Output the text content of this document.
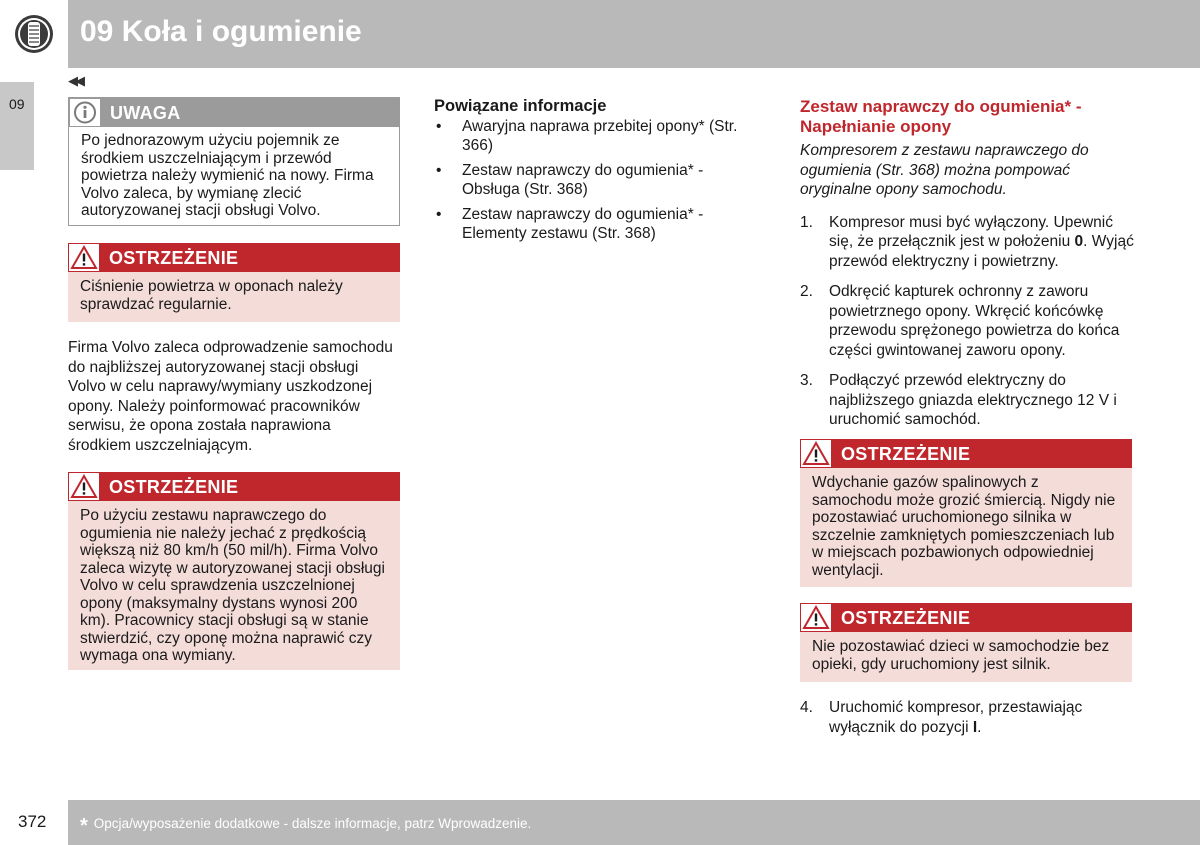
09 Koła i ogumienie
09
◀◀
UWAGA
Po jednorazowym użyciu pojemnik ze środkiem uszczelniającym i przewód powietrza należy wymienić na nowy. Firma Volvo zaleca, by wymianę zlecić autoryzowanej stacji obsługi Volvo.
OSTRZEŻENIE
Ciśnienie powietrza w oponach należy sprawdzać regularnie.
Firma Volvo zaleca odprowadzenie samochodu do najbliższej autoryzowanej stacji obsługi Volvo w celu naprawy/wymiany uszkodzonej opony. Należy poinformować pracowników serwisu, że opona została naprawiona środkiem uszczelniającym.
OSTRZEŻENIE
Po użyciu zestawu naprawczego do ogumienia nie należy jechać z prędkością większą niż 80 km/h (50 mil/h). Firma Volvo zaleca wizytę w autoryzowanej stacji obsługi Volvo w celu sprawdzenia uszczelnionej opony (maksymalny dystans wynosi 200 km). Pracownicy stacji obsługi są w stanie stwierdzić, czy oponę można naprawić czy wymaga ona wymiany.
Powiązane informacje
• Awaryjna naprawa przebitej opony* (Str. 366)
• Zestaw naprawczy do ogumienia* - Obsługa (Str. 368)
• Zestaw naprawczy do ogumienia* - Elementy zestawu (Str. 368)
Zestaw naprawczy do ogumienia* - Napełnianie opony
Kompresorem z zestawu naprawczego do ogumienia (Str. 368) można pompować oryginalne opony samochodu.
1. Kompresor musi być wyłączony. Upewnić się, że przełącznik jest w położeniu 0. Wyjąć przewód elektryczny i powietrzny.
2. Odkręcić kapturek ochronny z zaworu powietrznego opony. Wkręcić końcówkę przewodu sprężonego powietrza do końca części gwintowanej zaworu opony.
3. Podłączyć przewód elektryczny do najbliższego gniazda elektrycznego 12 V i uruchomić samochód.
OSTRZEŻENIE
Wdychanie gazów spalinowych z samochodu może grozić śmiercią. Nigdy nie pozostawiać uruchomionego silnika w szczelnie zamkniętych pomieszczeniach lub w miejscach pozbawionych odpowiedniej wentylacji.
OSTRZEŻENIE
Nie pozostawiać dzieci w samochodzie bez opieki, gdy uruchomiony jest silnik.
4. Uruchomić kompresor, przestawiając wyłącznik do pozycji I.
372 * Opcja/wyposażenie dodatkowe - dalsze informacje, patrz Wprowadzenie.
